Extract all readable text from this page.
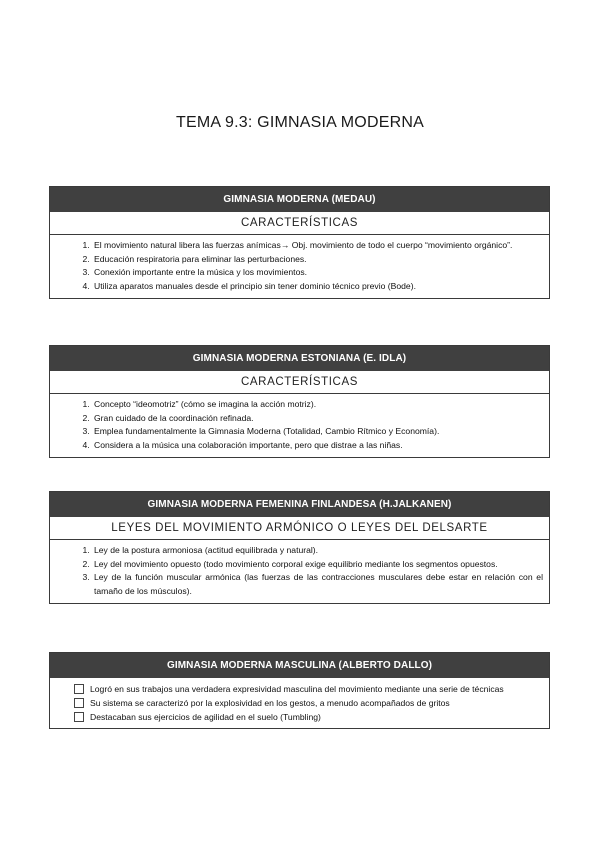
TEMA 9.3: GIMNASIA MODERNA
GIMNASIA MODERNA (MEDAU)
CARACTERÍSTICAS
1. El movimiento natural libera las fuerzas anímicas→ Obj. movimiento de todo el cuerpo “movimiento orgánico”.
2. Educación respiratoria para eliminar las perturbaciones.
3. Conexión importante entre la música y los movimientos.
4. Utiliza aparatos manuales desde el principio sin tener dominio técnico previo (Bode).
GIMNASIA MODERNA ESTONIANA (E. IDLA)
CARACTERÍSTICAS
1. Concepto “ideomotriz” (cómo se imagina la acción motriz).
2. Gran cuidado de la coordinación refinada.
3. Emplea fundamentalmente la Gimnasia Moderna (Totalidad, Cambio Rítmico y Economía).
4. Considera a la música una colaboración importante, pero que distrae a las niñas.
GIMNASIA MODERNA FEMENINA FINLANDESA (H.JALKANEN)
LEYES DEL MOVIMIENTO ARMÓNICO O LEYES DEL DELSARTE
1. Ley de la postura armoniosa (actitud equilibrada y natural).
2. Ley del movimiento opuesto (todo movimiento corporal exige equilibrio mediante los segmentos opuestos.
3. Ley de la función muscular armónica (las fuerzas de las contracciones musculares debe estar en relación con el tamaño de los músculos).
GIMNASIA MODERNA MASCULINA (ALBERTO DALLO)
Logró en sus trabajos una verdadera expresividad masculina del movimiento mediante una serie de técnicas
Su sistema se caracterizó por la explosividad en los gestos, a menudo acompañados de gritos
Destacaban sus ejercicios de agilidad en el suelo (Tumbling)
